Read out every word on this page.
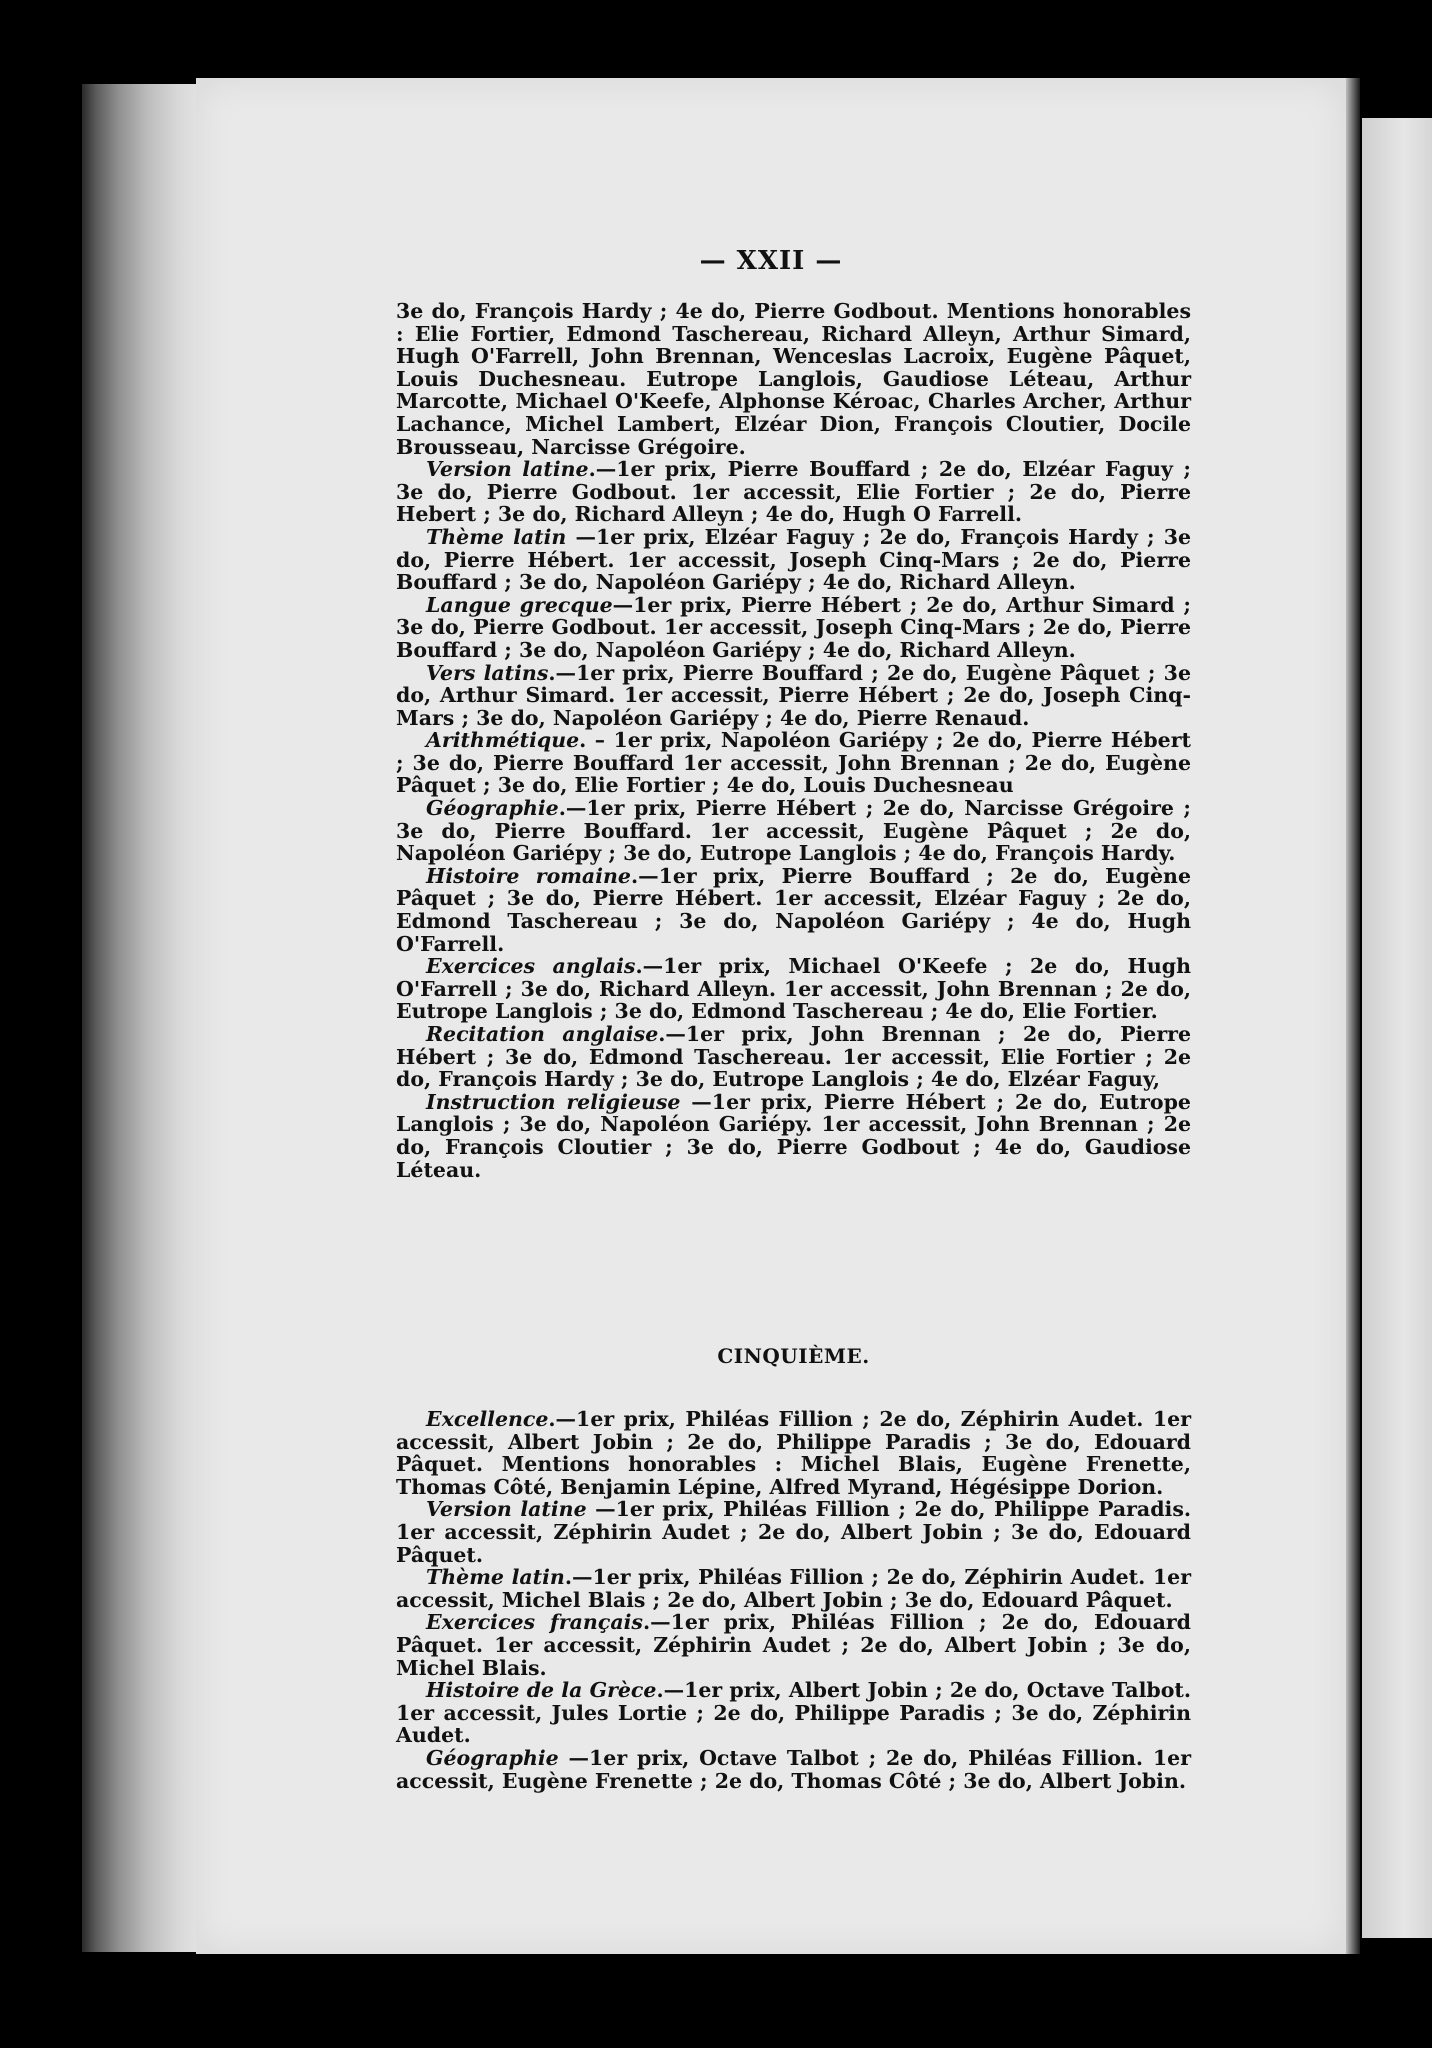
— XXII —

3e do, François Hardy ; 4e do, Pierre Godbout. Mentions honorables : Elie Fortier, Edmond Taschereau, Richard Alleyn, Arthur Simard, Hugh O'Farrell, John Brennan, Wenceslas Lacroix, Eugène Pâquet, Louis Duchesneau. Eutrope Langlois, Gaudiose Léteau, Arthur Marcotte, Michael O'Keefe, Alphonse Kéroac, Charles Archer, Arthur Lachance, Michel Lambert, Elzéar Dion, François Cloutier, Docile Brousseau, Narcisse Grégoire.

Version latine.—1er prix, Pierre Bouffard ; 2e do, Elzéar Faguy ; 3e do, Pierre Godbout. 1er accessit, Elie Fortier ; 2e do, Pierre Hebert ; 3e do, Richard Alleyn ; 4e do, Hugh O Farrell.

Thème latin —1er prix, Elzéar Faguy ; 2e do, François Hardy ; 3e do, Pierre Hébert. 1er accessit, Joseph Cinq-Mars ; 2e do, Pierre Bouffard ; 3e do, Napoléon Gariépy ; 4e do, Richard Alleyn.

Langue grecque—1er prix, Pierre Hébert ; 2e do, Arthur Simard ; 3e do, Pierre Godbout. 1er accessit, Joseph Cinq-Mars ; 2e do, Pierre Bouffard ; 3e do, Napoléon Gariépy ; 4e do, Richard Alleyn.

Vers latins.—1er prix, Pierre Bouffard ; 2e do, Eugène Pâquet ; 3e do, Arthur Simard. 1er accessit, Pierre Hébert ; 2e do, Joseph Cinq-Mars ; 3e do, Napoléon Gariépy ; 4e do, Pierre Renaud.

Arithmétique. – 1er prix, Napoléon Gariépy ; 2e do, Pierre Hébert ; 3e do, Pierre Bouffard 1er accessit, John Brennan ; 2e do, Eugène Pâquet ; 3e do, Elie Fortier ; 4e do, Louis Duchesneau

Géographie.—1er prix, Pierre Hébert ; 2e do, Narcisse Grégoire ; 3e do, Pierre Bouffard. 1er accessit, Eugène Pâquet ; 2e do, Napoléon Gariépy ; 3e do, Eutrope Langlois ; 4e do, François Hardy.

Histoire romaine.—1er prix, Pierre Bouffard ; 2e do, Eugène Pâquet ; 3e do, Pierre Hébert. 1er accessit, Elzéar Faguy ; 2e do, Edmond Taschereau ; 3e do, Napoléon Gariépy ; 4e do, Hugh O'Farrell.

Exercices anglais.—1er prix, Michael O'Keefe ; 2e do, Hugh O'Farrell ; 3e do, Richard Alleyn. 1er accessit, John Brennan ; 2e do, Eutrope Langlois ; 3e do, Edmond Taschereau ; 4e do, Elie Fortier.

Recitation anglaise.—1er prix, John Brennan ; 2e do, Pierre Hébert ; 3e do, Edmond Taschereau. 1er accessit, Elie Fortier ; 2e do, François Hardy ; 3e do, Eutrope Langlois ; 4e do, Elzéar Faguy,

Instruction religieuse —1er prix, Pierre Hébert ; 2e do, Eutrope Langlois ; 3e do, Napoléon Gariépy. 1er accessit, John Brennan ; 2e do, François Cloutier ; 3e do, Pierre Godbout ; 4e do, Gaudiose Léteau.

CINQUIÈME.

Excellence.—1er prix, Philéas Fillion ; 2e do, Zéphirin Audet. 1er accessit, Albert Jobin ; 2e do, Philippe Paradis ; 3e do, Edouard Pâquet. Mentions honorables : Michel Blais, Eugène Frenette, Thomas Côté, Benjamin Lépine, Alfred Myrand, Hégésippe Dorion.

Version latine —1er prix, Philéas Fillion ; 2e do, Philippe Paradis. 1er accessit, Zéphirin Audet ; 2e do, Albert Jobin ; 3e do, Edouard Pâquet.

Thème latin.—1er prix, Philéas Fillion ; 2e do, Zéphirin Audet. 1er accessit, Michel Blais ; 2e do, Albert Jobin ; 3e do, Edouard Pâquet.

Exercices français.—1er prix, Philéas Fillion ; 2e do, Edouard Pâquet. 1er accessit, Zéphirin Audet ; 2e do, Albert Jobin ; 3e do, Michel Blais.

Histoire de la Grèce.—1er prix, Albert Jobin ; 2e do, Octave Talbot. 1er accessit, Jules Lortie ; 2e do, Philippe Paradis ; 3e do, Zéphirin Audet.

Géographie —1er prix, Octave Talbot ; 2e do, Philéas Fillion. 1er accessit, Eugène Frenette ; 2e do, Thomas Côté ; 3e do, Albert Jobin.
